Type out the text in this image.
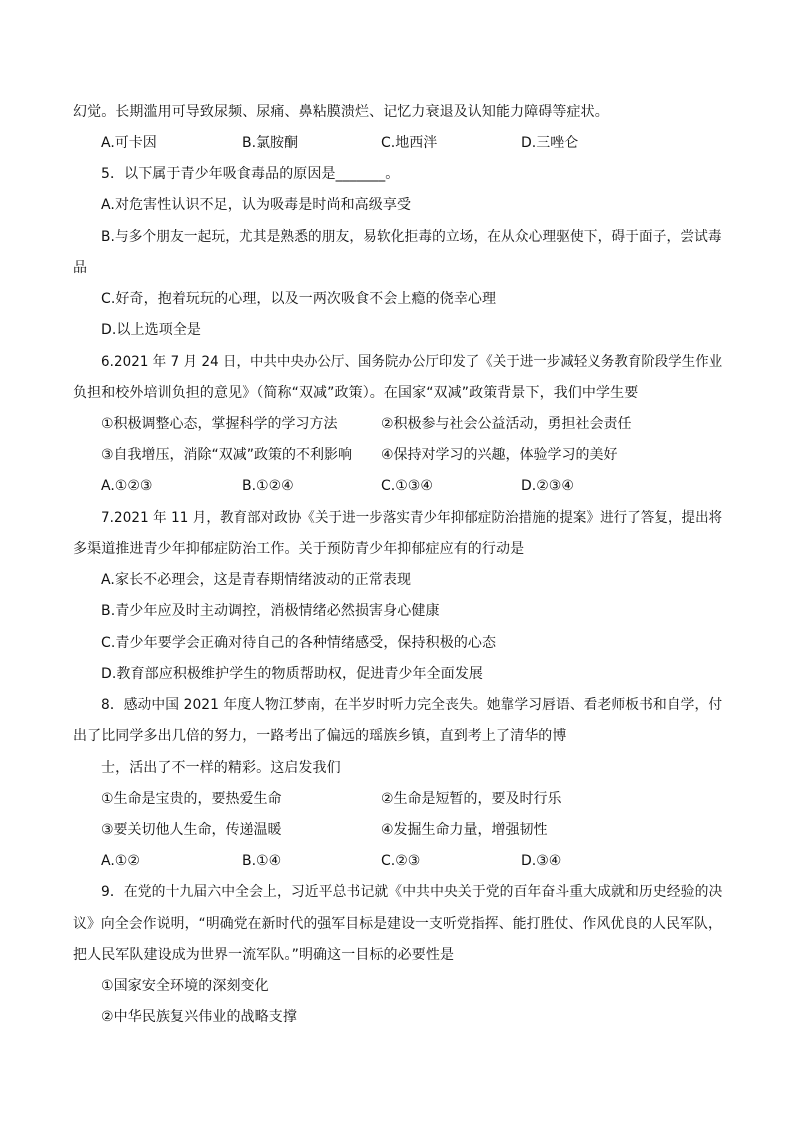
幻觉。长期滥用可导致尿频、尿痛、鼻粘膜溃烂、记忆力衰退及认知能力障碍等症状。
A.可卡因	B.氯胺酮	C.地西泮	D.三唑仑
5．以下属于青少年吸食毒品的原因是_______。
A.对危害性认识不足，认为吸毒是时尚和高级享受
B.与多个朋友一起玩，尤其是熟悉的朋友，易软化拒毒的立场，在从众心理驱使下，碍于面子，尝试毒
品
C.好奇，抱着玩玩的心理，以及一两次吸食不会上瘾的侥幸心理
D.以上选项全是
6.2021 年 7 月 24 日，中共中央办公厅、国务院办公厅印发了《关于进一步减轻义务教育阶段学生作业
负担和校外培训负担的意见》（简称“双减”政策）。在国家“双减”政策背景下，我们中学生要
①积极调整心态，掌握科学的学习方法	②积极参与社会公益活动，勇担社会责任
③自我增压，消除“双减”政策的不利影响 ④保持对学习的兴趣，体验学习的美好
A.①②③	B.①②④	C.①③④	D.②③④
7.2021 年 11 月，教育部对政协《关于进一步落实青少年抑郁症防治措施的提案》进行了答复，提出将
多渠道推进青少年抑郁症防治工作。关于预防青少年抑郁症应有的行动是
A.家长不必理会，这是青春期情绪波动的正常表现
B.青少年应及时主动调控，消极情绪必然损害身心健康
C.青少年要学会正确对待自己的各种情绪感受，保持积极的心态
D.教育部应积极维护学生的物质帮助权，促进青少年全面发展
8．感动中国 2021 年度人物江梦南，在半岁时听力完全丧失。她靠学习唇语、看老师板书和自学，付
出了比同学多出几倍的努力，一路考出了偏远的瑶族乡镇，直到考上了清华的博
士，活出了不一样的精彩。这启发我们
①生命是宝贵的，要热爱生命	②生命是短暂的，要及时行乐
③要关切他人生命，传递温暖	④发掘生命力量，增强韧性
A.①②	B.①④	C.②③	D.③④
9．在党的十九届六中全会上，习近平总书记就《中共中央关于党的百年奋斗重大成就和历史经验的决
议》向全会作说明，“明确党在新时代的强军目标是建设一支听党指挥、能打胜仗、作风优良的人民军队，
把人民军队建设成为世界一流军队。”明确这一目标的必要性是
①国家安全环境的深刻变化
②中华民族复兴伟业的战略支撑
